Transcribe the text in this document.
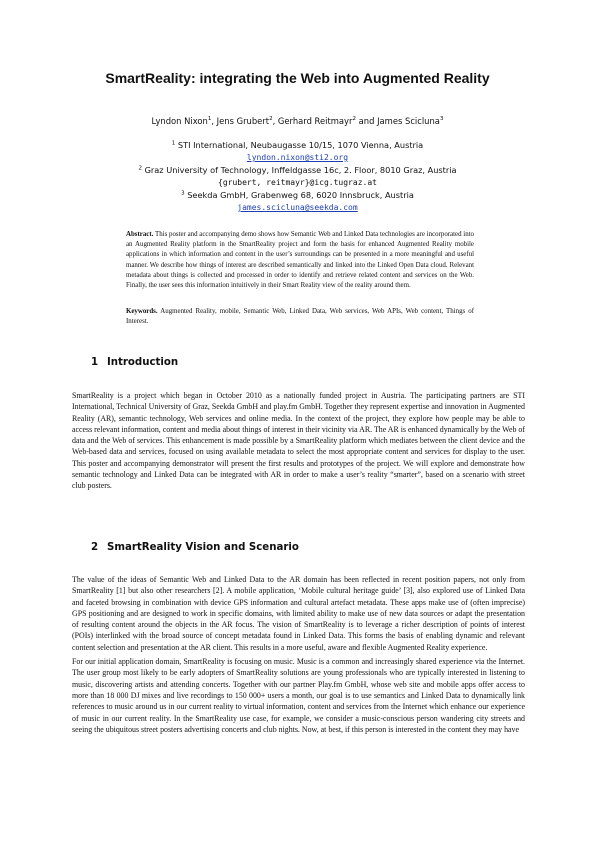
SmartReality: integrating the Web into Augmented Reality
Lyndon Nixon$^1$, Jens Grubert$^2$, Gerhard Reitmayr$^2$ and James Scicluna$^3$
$^1$ STI International, Neubaugasse 10/15, 1070 Vienna, Austria
lyndon.nixon@sti2.org
$^2$ Graz University of Technology, Inffeldgasse 16c, 2. Floor, 8010 Graz, Austria
{grubert, reitmayr}@icg.tugraz.at
$^3$ Seekda GmbH, Grabenweg 68, 6020 Innsbruck, Austria
james.scicluna@seekda.com
Abstract. This poster and accompanying demo shows how Semantic Web and Linked Data technologies are incorporated into an Augmented Reality platform in the SmartReality project and form the basis for enhanced Augmented Reality mobile applications in which information and content in the user’s surroundings can be presented in a more meaningful and useful manner. We describe how things of interest are described semantically and linked into the Linked Open Data cloud. Relevant metadata about things is collected and processed in order to identify and retrieve related content and services on the Web. Finally, the user sees this information intuitively in their Smart Reality view of the reality around them.
Keywords. Augmented Reality, mobile, Semantic Web, Linked Data, Web services, Web APIs, Web content, Things of Interest.
1 Introduction

SmartReality is a project which began in October 2010 as a nationally funded project in Austria. The participating partners are STI International, Technical University of Graz, Seekda GmbH and play.fm GmbH. Together they represent expertise and innovation in Augmented Reality (AR), semantic technology, Web services and online media. In the context of the project, they explore how people may be able to access relevant information, content and media about things of interest in their vicinity via AR. The AR is enhanced dynamically by the Web of data and the Web of services. This enhancement is made possible by a SmartReality platform which mediates between the client device and the Web-based data and services, focused on using available metadata to select the most appropriate content and services for display to the user. This poster and accompanying demonstrator will present the first results and prototypes of the project. We will explore and demonstrate how semantic technology and Linked Data can be integrated with AR in order to make a user’s reality “smarter”, based on a scenario with street club posters.

2 SmartReality Vision and Scenario

The value of the ideas of Semantic Web and Linked Data to the AR domain has been reflected in recent position papers, not only from SmartReality [1] but also other researchers [2]. A mobile application, ‘Mobile cultural heritage guide’ [3], also explored use of Linked Data and faceted browsing in combination with device GPS information and cultural artefact metadata. These apps make use of (often imprecise) GPS positioning and are designed to work in specific domains, with limited ability to make use of new data sources or adapt the presentation of resulting content around the objects in the AR focus. The vision of SmartReality is to leverage a richer description of points of interest (POIs) interlinked with the broad source of concept metadata found in Linked Data. This forms the basis of enabling dynamic and relevant content selection and presentation at the AR client. This results in a more useful, aware and flexible Augmented Reality experience.

For our initial application domain, SmartReality is focusing on music. Music is a common and increasingly shared experience via the Internet. The user group most likely to be early adopters of SmartReality solutions are young professionals who are typically interested in listening to music, discovering artists and attending concerts. Together with our partner Play.fm GmbH, whose web site and mobile apps offer access to more than 18 000 DJ mixes and live recordings to 150 000+ users a month, our goal is to use semantics and Linked Data to dynamically link references to music around us in our current reality to virtual information, content and services from the Internet which enhance our experience of music in our current reality. In the SmartReality use case, for example, we consider a music-conscious person wandering city streets and seeing the ubiquitous street posters advertising concerts and club nights. Now, at best, if this person is interested in the content they may have
